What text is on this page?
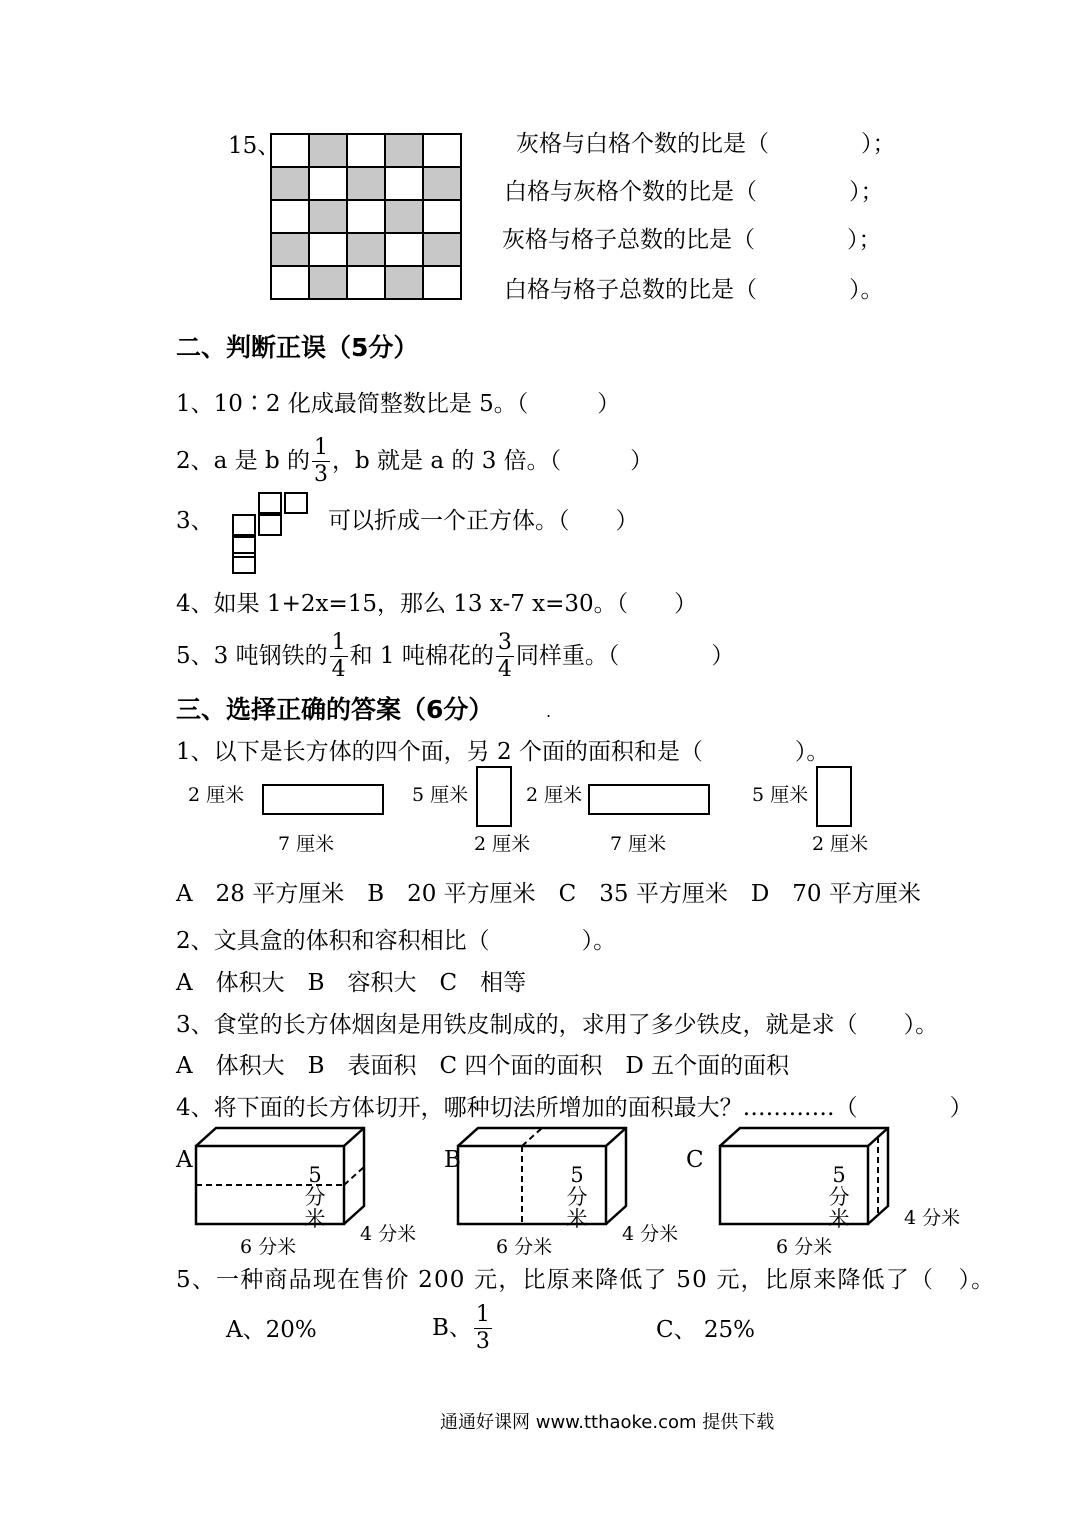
15、

					灰格与白格个数的比是（　　　　）；
白格与灰格个数的比是（　　　　）；
灰格与格子总数的比是（　　　　）；
白格与格子总数的比是（　　　　）。
二、判断正误（5分）
1、10∶2 化成最简整数比是 5。（　　　）
2、a 是 b 的 $\frac{1}{3}$ ，b 就是 a 的 3 倍。（　　　）
3、	可以折成一个正方体。（　　）
4、如果 1+2x=15，那么 13 x-7 x=30。（　　）
5、3 吨钢铁的 $\frac{1}{4}$ 和 1 吨棉花的 $\frac{3}{4}$ 同样重。（　　　　）
三、选择正确的答案（6分）	.
1、以下是长方体的四个面，另 2 个面的面积和是（　　　　）。
2 厘米
7 厘米
5 厘米
2 厘米
2 厘米
7 厘米
5 厘米
2 厘米
A　28 平方厘米　B　20 平方厘米　C　35 平方厘米　D　70 平方厘米
2、文具盒的体积和容积相比（　　　　）。
A　体积大　B　容积大　C　相等
3、食堂的长方体烟囱是用铁皮制成的，求用了多少铁皮，就是求（　　）。
A　体积大　B　表面积　C 四个面的面积　D 五个面的面积
4、将下面的长方体切开，哪种切法所增加的面积最大？…………（　　　　）
A
5分米
4 分米
6 分米
B
5分米
4 分米
6 分米
C
5分米	4 分米
6 分米
5、一种商品现在售价 200 元，比原来降低了 50 元，比原来降低了（　）。
A、20%	B、 $\frac{1}{3}$	C、 25%
通通好课网 www.tthaoke.com 提供下载
